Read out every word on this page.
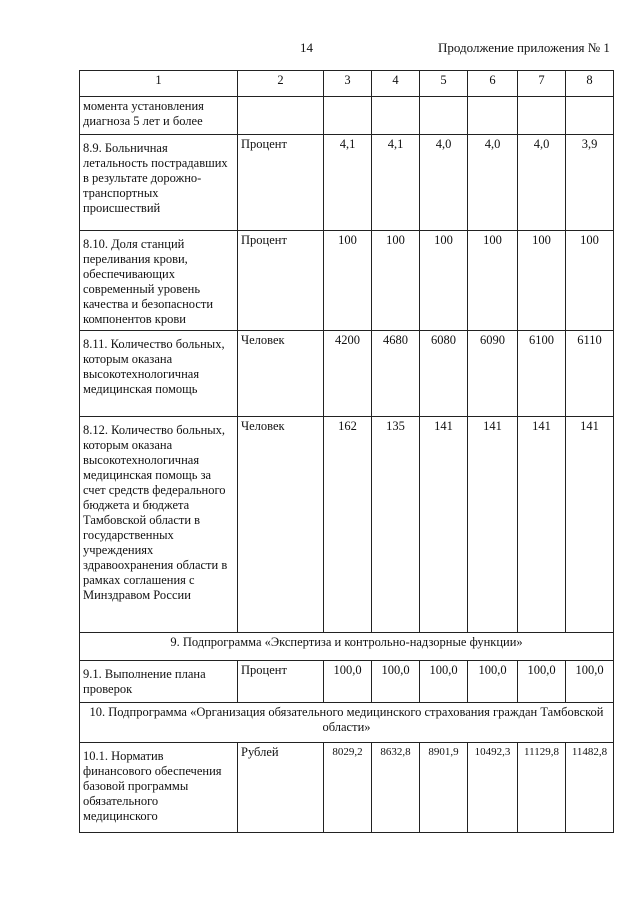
14	Продолжение приложения № 1
1	2	3	4	5	6	7	8
момента установления диагноза 5 лет и более							
8.9. Больничная летальность пострадавших в результате дорожно-транспортных происшествий	Процент	4,1	4,1	4,0	4,0	4,0	3,9
8.10. Доля станций переливания крови, обеспечивающих современный уровень качества и безопасности компонентов крови	Процент	100	100	100	100	100	100
8.11. Количество больных, которым оказана высокотехнологичная медицинская помощь	Человек	4200	4680	6080	6090	6100	6110
8.12. Количество больных, которым оказана высокотехнологичная медицинская помощь за счет средств федерального бюджета и бюджета Тамбовской области в государственных учреждениях здравоохранения области в рамках соглашения с Минздравом России	Человек	162	135	141	141	141	141
9. Подпрограмма «Экспертиза и контрольно-надзорные функции»							
9.1. Выполнение плана проверок	Процент	100,0	100,0	100,0	100,0	100,0	100,0
10. Подпрограмма «Организация обязательного медицинского страхования граждан Тамбовской области»							
10.1. Норматив финансового обеспечения базовой программы обязательного медицинского	Рублей	8029,2	8632,8	8901,9	10492,3	11129,8	11482,8
